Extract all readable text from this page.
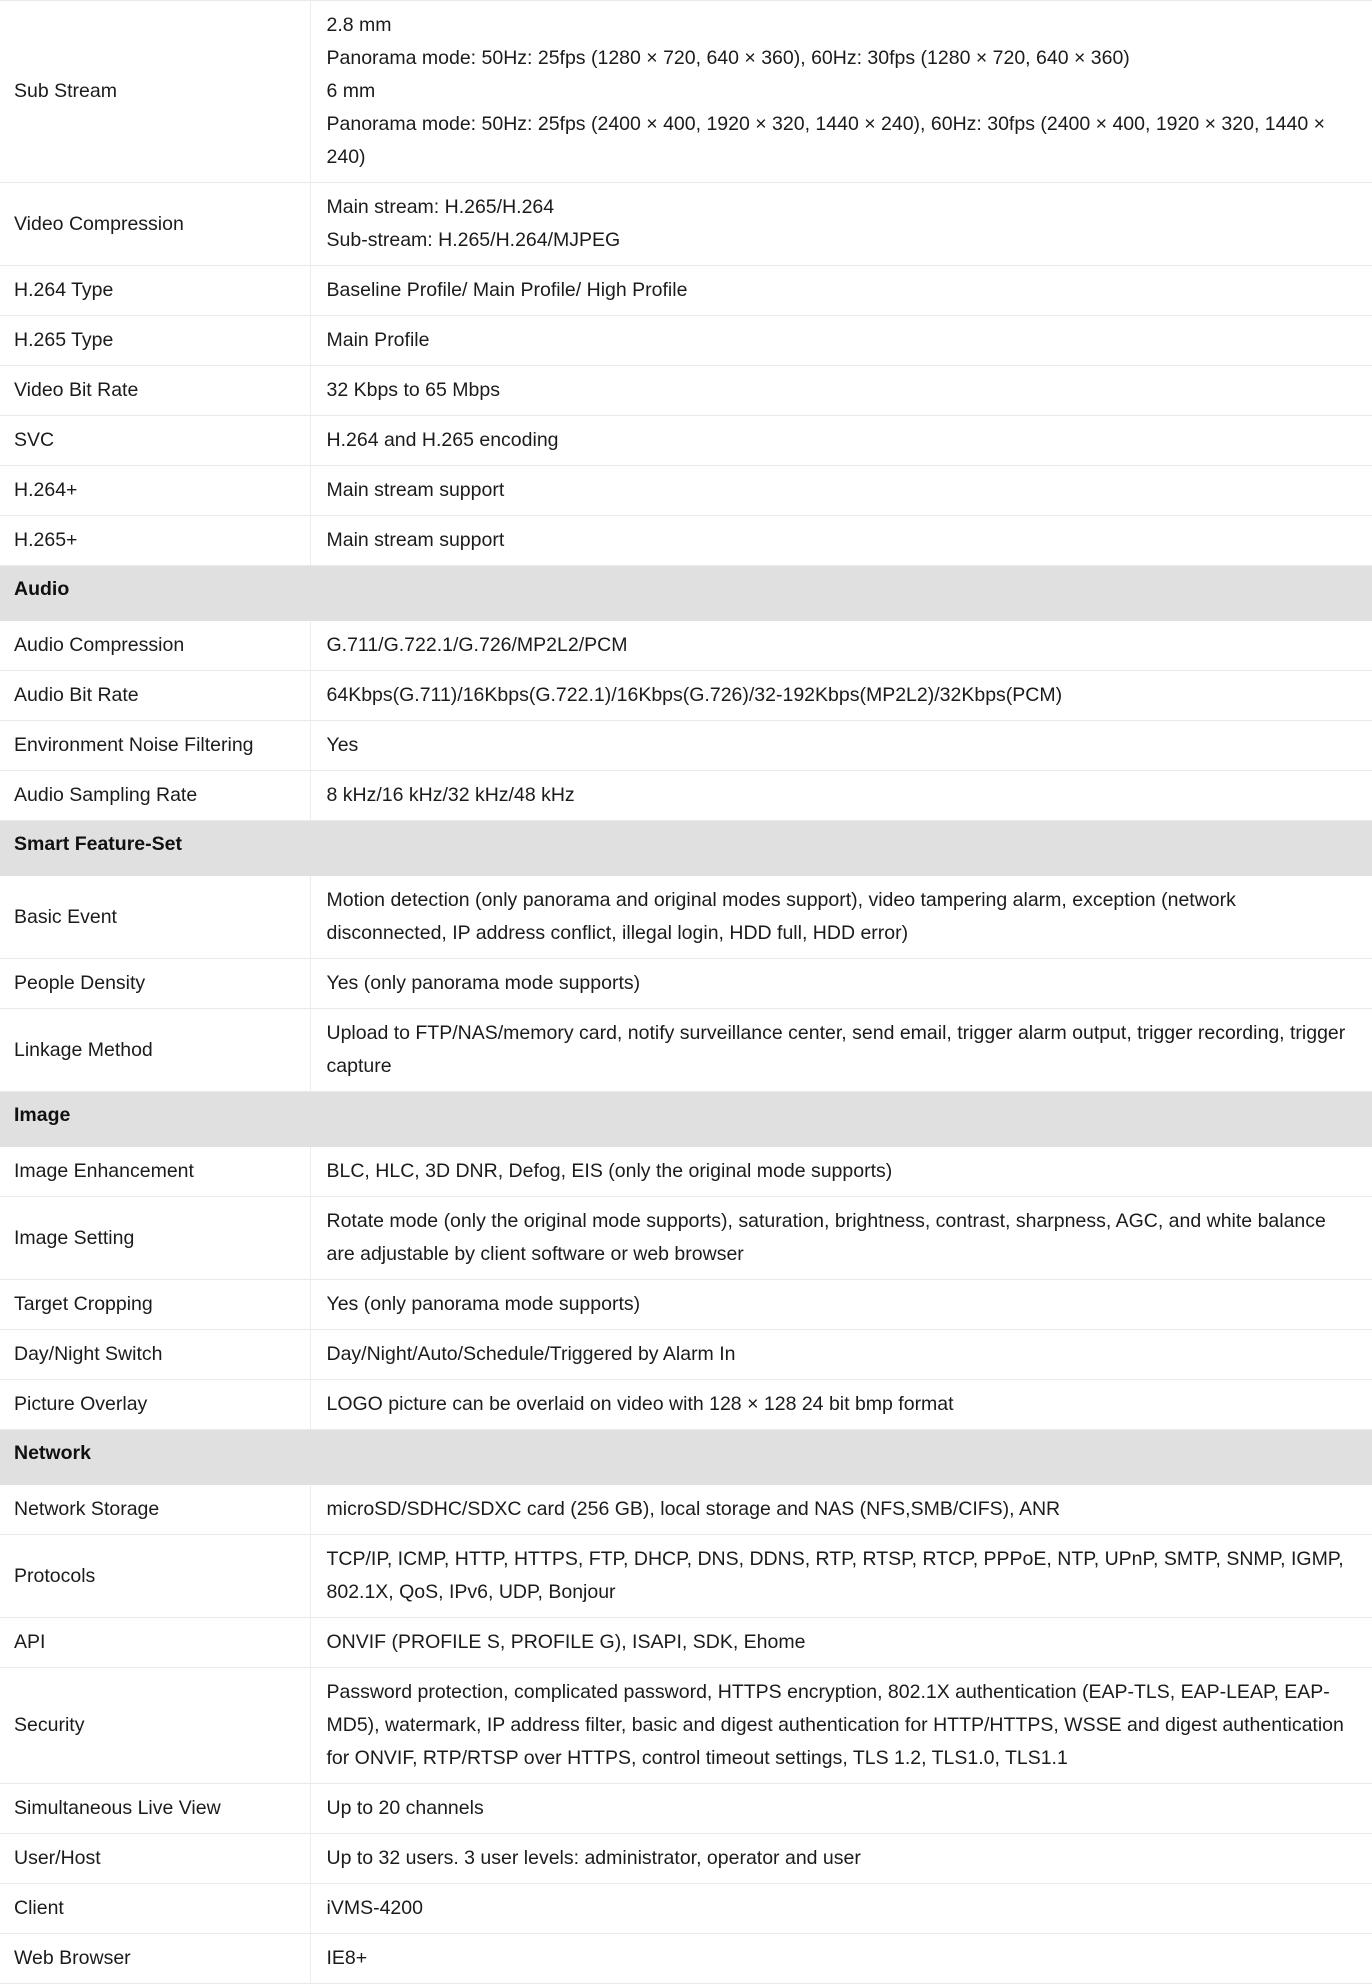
Sub Stream	2.8 mm
Panorama mode: 50Hz: 25fps (1280 × 720, 640 × 360), 60Hz: 30fps (1280 × 720, 640 × 360)
6 mm
Panorama mode: 50Hz: 25fps (2400 × 400, 1920 × 320, 1440 × 240), 60Hz: 30fps (2400 × 400, 1920 × 320, 1440 × 240)

Video Compression	Main stream: H.265/H.264
Sub-stream: H.265/H.264/MJPEG

H.264 Type	Baseline Profile/ Main Profile/ High Profile

H.265 Type	Main Profile

Video Bit Rate	32 Kbps to 65 Mbps

SVC	H.264 and H.265 encoding

H.264+	Main stream support

H.265+	Main stream support

Audio	
Audio Compression	G.711/G.722.1/G.726/MP2L2/PCM

Audio Bit Rate	64Kbps(G.711)/16Kbps(G.722.1)/16Kbps(G.726)/32-192Kbps(MP2L2)/32Kbps(PCM)

Environment Noise Filtering	Yes

Audio Sampling Rate	8 kHz/16 kHz/32 kHz/48 kHz

Smart Feature-Set	
Basic Event	Motion detection (only panorama and original modes support), video tampering alarm, exception (network disconnected, IP address conflict, illegal login, HDD full, HDD error)

People Density	Yes (only panorama mode supports)

Linkage Method	Upload to FTP/NAS/memory card, notify surveillance center, send email, trigger alarm output, trigger recording, trigger capture

Image	
Image Enhancement	BLC, HLC, 3D DNR, Defog, EIS (only the original mode supports)

Image Setting	Rotate mode (only the original mode supports), saturation, brightness, contrast, sharpness, AGC, and white balance are adjustable by client software or web browser

Target Cropping	Yes (only panorama mode supports)

Day/Night Switch	Day/Night/Auto/Schedule/Triggered by Alarm In

Picture Overlay	LOGO picture can be overlaid on video with 128 × 128 24 bit bmp format

Network	
Network Storage	microSD/SDHC/SDXC card (256 GB), local storage and NAS (NFS,SMB/CIFS), ANR

Protocols	TCP/IP, ICMP, HTTP, HTTPS, FTP, DHCP, DNS, DDNS, RTP, RTSP, RTCP, PPPoE, NTP, UPnP, SMTP, SNMP, IGMP, 802.1X, QoS, IPv6, UDP, Bonjour

API	ONVIF (PROFILE S, PROFILE G), ISAPI, SDK, Ehome

Security	Password protection, complicated password, HTTPS encryption, 802.1X authentication (EAP-TLS, EAP-LEAP, EAP-MD5), watermark, IP address filter, basic and digest authentication for HTTP/HTTPS, WSSE and digest authentication for ONVIF, RTP/RTSP over HTTPS, control timeout settings, TLS 1.2, TLS1.0, TLS1.1

Simultaneous Live View	Up to 20 channels

User/Host	Up to 32 users. 3 user levels: administrator, operator and user

Client	iVMS-4200

Web Browser	IE8+
